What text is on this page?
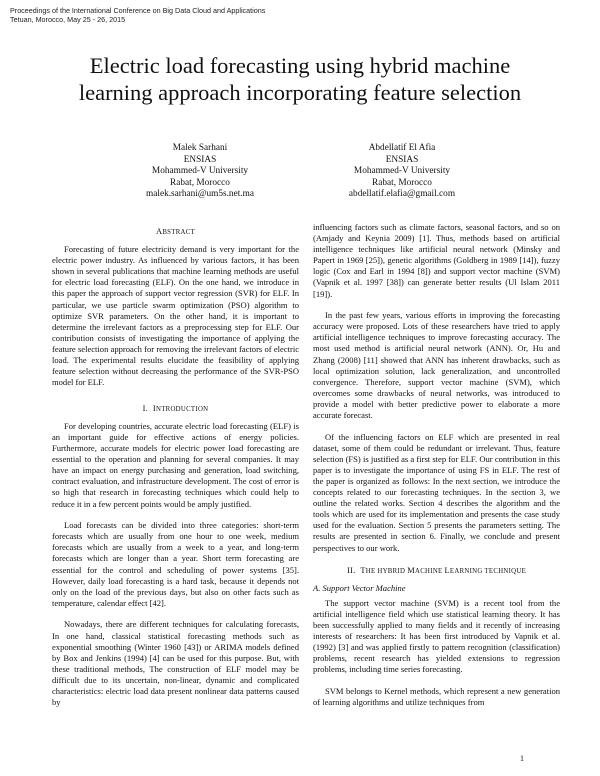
Proceedings of the International Conference on Big Data Cloud and Applications
Tetuan, Morocco, May 25 - 26, 2015
Electric load forecasting using hybrid machine
learning approach incorporating feature selection
Malek Sarhani
ENSIAS
Mohammed-V University
Rabat, Morocco
malek.sarhani@um5s.net.ma
Abdellatif El Afia
ENSIAS
Mohammed-V University
Rabat, Morocco
abdellatif.elafia@gmail.com
ABSTRACT

Forecasting of future electricity demand is very important for the electric power industry. As influenced by various factors, it has been shown in several publications that machine learning methods are useful for electric load forecasting (ELF). On the one hand, we introduce in this paper the approach of support vector regression (SVR) for ELF. In particular, we use particle swarm optimization (PSO) algorithm to optimize SVR parameters. On the other hand, it is important to determine the irrelevant factors as a preprocessing step for ELF. Our contribution consists of investigating the importance of applying the feature selection approach for removing the irrelevant factors of electric load. The experimental results elucidate the feasibility of applying feature selection without decreasing the performance of the SVR-PSO model for ELF.

I. INTRODUCTION

For developing countries, accurate electric load forecasting (ELF) is an important guide for effective actions of energy policies. Furthermore, accurate models for electric power load forecasting are essential to the operation and planning for several companies. It may have an impact on energy purchasing and generation, load switching, contract evaluation, and infrastructure development. The cost of error is so high that research in forecasting techniques which could help to reduce it in a few percent points would be amply justified.

Load forecasts can be divided into three categories: short-term forecasts which are usually from one hour to one week, medium forecasts which are usually from a week to a year, and long-term forecasts which are longer than a year. Short term forecasting are essential for the control and scheduling of power systems [35]. However, daily load forecasting is a hard task, because it depends not only on the load of the previous days, but also on other facts such as temperature, calendar effect [42].

Nowadays, there are different techniques for calculating forecasts, In one hand, classical statistical forecasting methods such as exponential smoothing (Winter 1960 [43]) or ARIMA models defined by Box and Jenkins (1994) [4] can be used for this purpose. But, with these traditional methods, The construction of ELF model may be difficult due to its uncertain, non-linear, dynamic and complicated characteristics: electric load data present nonlinear data patterns caused by

influencing factors such as climate factors, seasonal factors, and so on (Amjady and Keynia 2009) [1]. Thus, methods based on artificial intelligence techniques like artificial neural network (Minsky and Papert in 1969 [25]), genetic algorithms (Goldberg in 1989 [14]), fuzzy logic (Cox and Earl in 1994 [8]) and support vector machine (SVM) (Vapnik et al. 1997 [38]) can generate better results (Ul Islam 2011 [19]).

In the past few years, various efforts in improving the forecasting accuracy were proposed. Lots of these researchers have tried to apply artificial intelligence techniques to improve forecasting accuracy. The most used method is artificial neural network (ANN). Or, Hu and Zhang (2008) [11] showed that ANN has inherent drawbacks, such as local optimization solution, lack generalization, and uncontrolled convergence. Therefore, support vector machine (SVM), which overcomes some drawbacks of neural networks, was introduced to provide a model with better predictive power to elaborate a more accurate forecast.

Of the influencing factors on ELF which are presented in real dataset, some of them could be redundant or irrelevant. Thus, feature selection (FS) is justified as a first step for ELF. Our contribution in this paper is to investigate the importance of using FS in ELF. The rest of the paper is organized as follows: In the next section, we introduce the concepts related to our forecasting techniques. In the section 3, we outline the related works. Section 4 describes the algorithm and the tools which are used for its implementation and presents the case study used for the evaluation. Section 5 presents the parameters setting. The results are presented in section 6. Finally, we conclude and present perspectives to our work.

II. THE HYBRID MACHINE LEARNING TECHNIQUE
A. Support Vector Machine

The support vector machine (SVM) is a recent tool from the artificial intelligence field which use statistical learning theory. It has been successfully applied to many fields and it recently of increasing interests of researchers: It has been first introduced by Vapnik et al.(1992) [3] and was applied firstly to pattern recognition (classification) problems, recent research has yielded extensions to regression problems, including time series forecasting.

SVM belongs to Kernel methods, which represent a new generation of learning algorithms and utilize techniques from

1
